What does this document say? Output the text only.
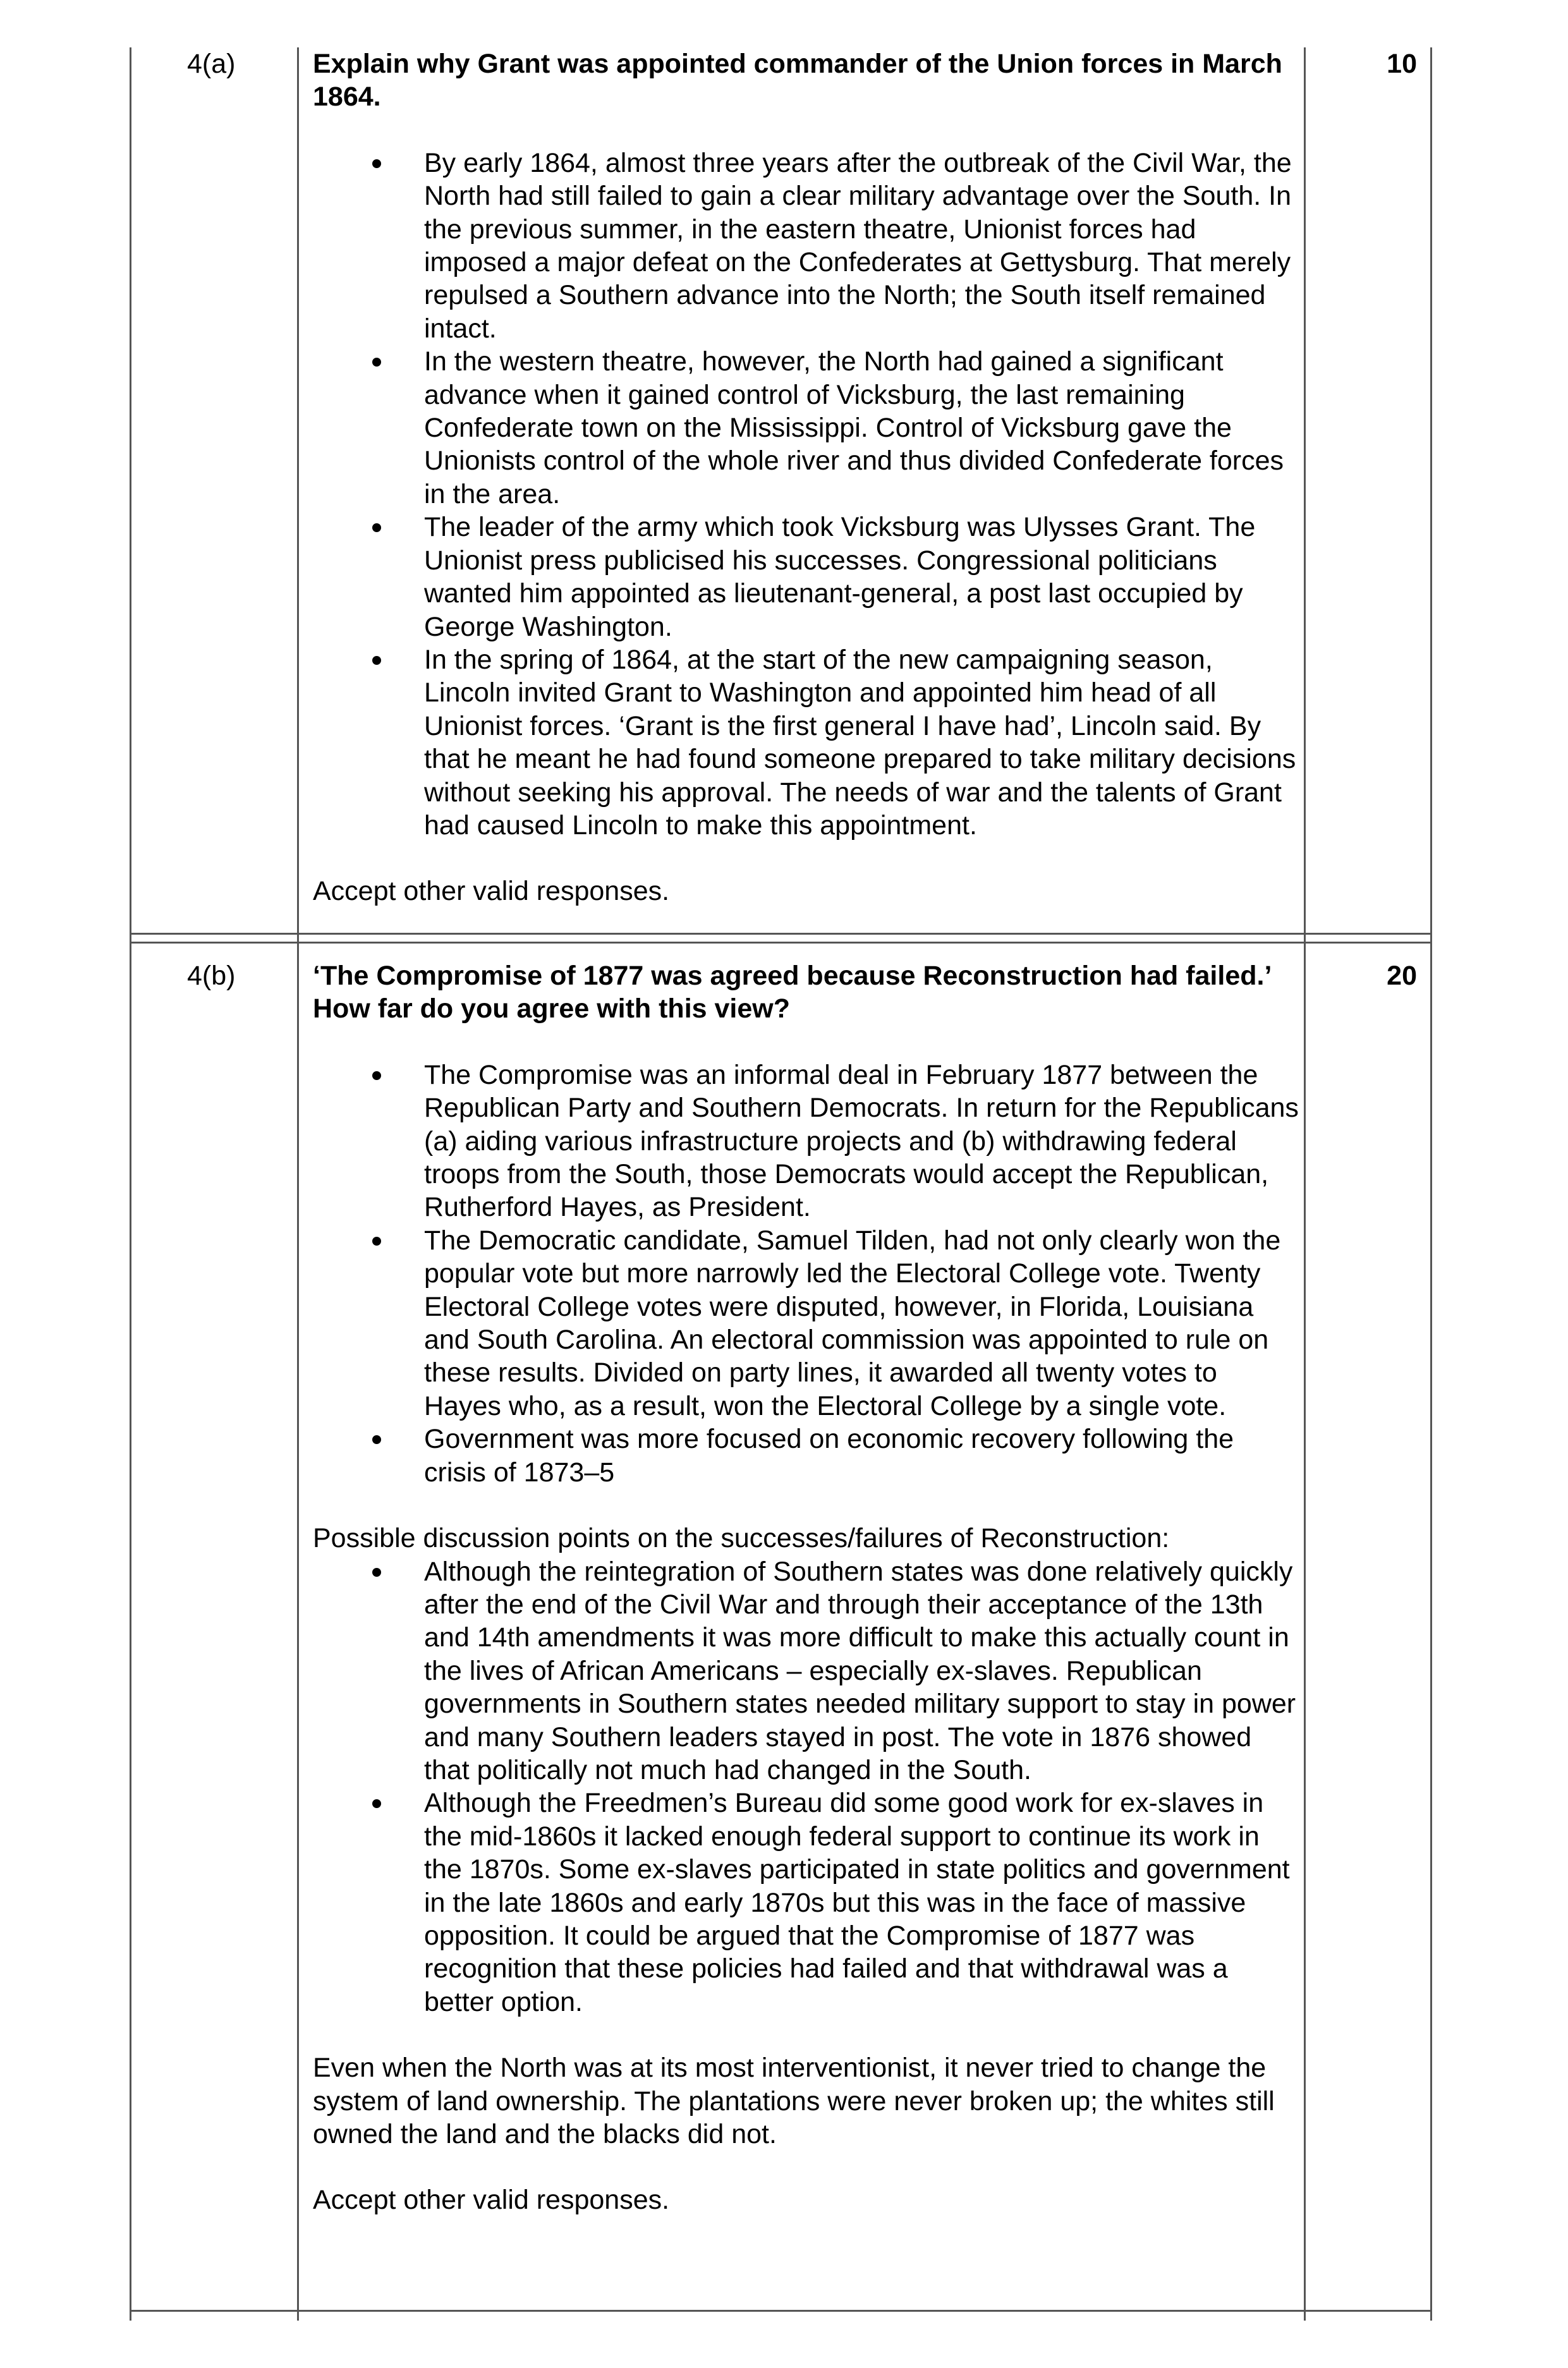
4(a)	10

Explain why Grant was appointed commander of the Union forces in March 1864.

By early 1864, almost three years after the outbreak of the Civil War, the North had still failed to gain a clear military advantage over the South. In the previous summer, in the eastern theatre, Unionist forces had imposed a major defeat on the Confederates at Gettysburg. That merely repulsed a Southern advance into the North; the South itself remained intact.
In the western theatre, however, the North had gained a significant advance when it gained control of Vicksburg, the last remaining Confederate town on the Mississippi. Control of Vicksburg gave the Unionists control of the whole river and thus divided Confederate forces in the area.
The leader of the army which took Vicksburg was Ulysses Grant. The Unionist press publicised his successes. Congressional politicians wanted him appointed as lieutenant-general, a post last occupied by George Washington.
In the spring of 1864, at the start of the new campaigning season, Lincoln invited Grant to Washington and appointed him head of all Unionist forces. ‘Grant is the first general I have had’, Lincoln said. By that he meant he had found someone prepared to take military decisions without seeking his approval. The needs of war and the talents of Grant had caused Lincoln to make this appointment.

Accept other valid responses.

4(b)	20

‘The Compromise of 1877 was agreed because Reconstruction had failed.’ How far do you agree with this view?

The Compromise was an informal deal in February 1877 between the Republican Party and Southern Democrats. In return for the Republicans (a) aiding various infrastructure projects and (b) withdrawing federal troops from the South, those Democrats would accept the Republican, Rutherford Hayes, as President.
The Democratic candidate, Samuel Tilden, had not only clearly won the popular vote but more narrowly led the Electoral College vote. Twenty Electoral College votes were disputed, however, in Florida, Louisiana and South Carolina. An electoral commission was appointed to rule on these results. Divided on party lines, it awarded all twenty votes to Hayes who, as a result, won the Electoral College by a single vote.
Government was more focused on economic recovery following the crisis of 1873–5

Possible discussion points on the successes/failures of Reconstruction:

Although the reintegration of Southern states was done relatively quickly after the end of the Civil War and through their acceptance of the 13th and 14th amendments it was more difficult to make this actually count in the lives of African Americans – especially ex-slaves. Republican governments in Southern states needed military support to stay in power and many Southern leaders stayed in post. The vote in 1876 showed that politically not much had changed in the South.
Although the Freedmen’s Bureau did some good work for ex-slaves in the mid-1860s it lacked enough federal support to continue its work in the 1870s. Some ex-slaves participated in state politics and government in the late 1860s and early 1870s but this was in the face of massive opposition. It could be argued that the Compromise of 1877 was recognition that these policies had failed and that withdrawal was a better option.

Even when the North was at its most interventionist, it never tried to change the system of land ownership. The plantations were never broken up; the whites still owned the land and the blacks did not.

Accept other valid responses.
